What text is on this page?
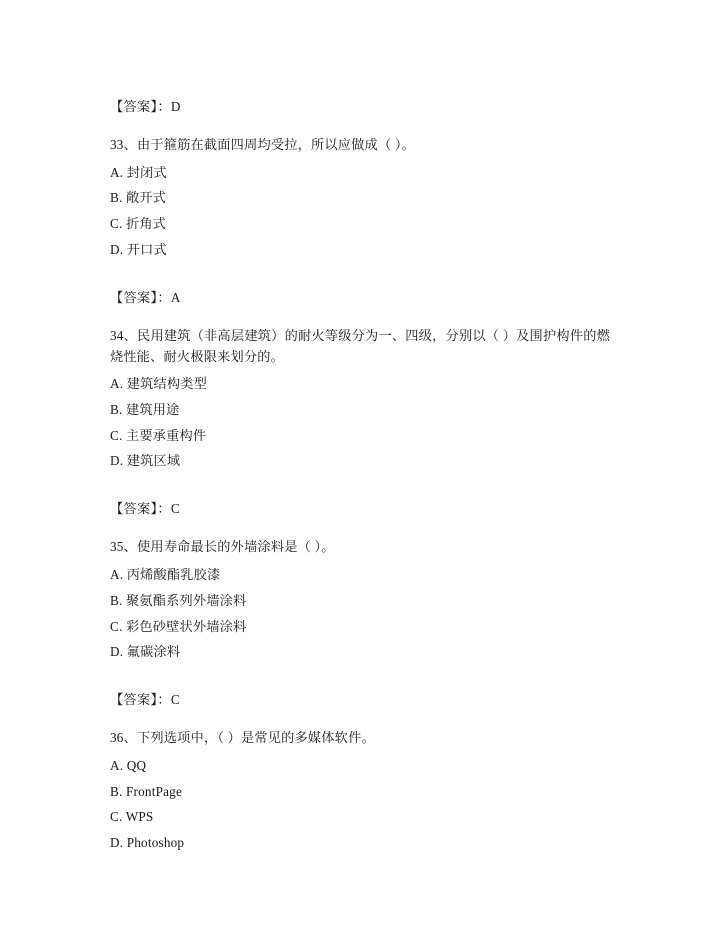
【答案】：D
33、由于箍筋在截面四周均受拉，所以应做成（ ）。
A. 封闭式
B. 敞开式
C. 折角式
D. 开口式
【答案】：A
34、民用建筑（非高层建筑）的耐火等级分为一、四级，分别以（ ）及围护构件的燃烧性能、耐火极限来划分的。
A. 建筑结构类型
B. 建筑用途
C. 主要承重构件
D. 建筑区域
【答案】：C
35、使用寿命最长的外墙涂料是（ ）。
A. 丙烯酸酯乳胶漆
B. 聚氨酯系列外墙涂料
C. 彩色砂壁状外墙涂料
D. 氟碳涂料
【答案】：C
36、下列选项中，（ ）是常见的多媒体软件。
A. QQ
B. FrontPage
C. WPS
D. Photoshop
